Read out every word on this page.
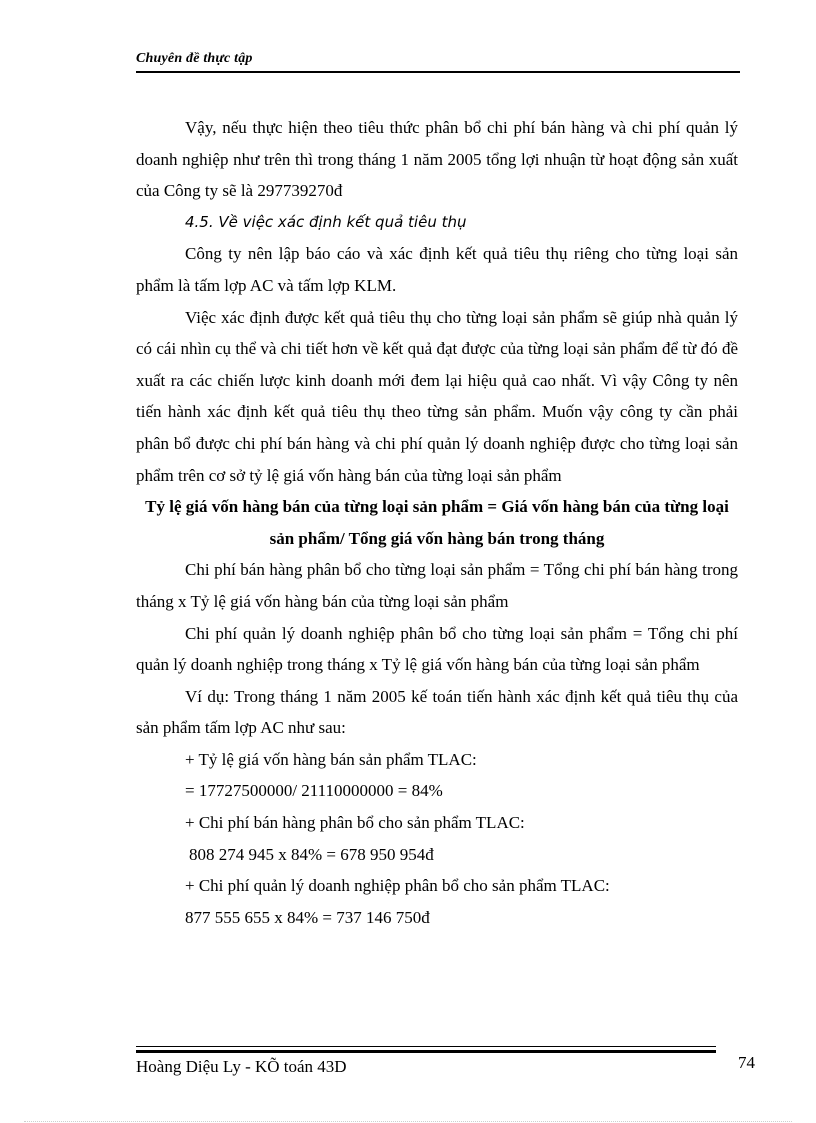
Chuyên đề thực tập

Vậy, nếu thực hiện theo tiêu thức phân bổ chi phí bán hàng và chi phí quản lý doanh nghiệp như trên thì trong tháng 1 năm 2005 tổng lợi nhuận từ hoạt động sản xuất của Công ty sẽ là 297739270đ

4.5. Về việc xác định kết quả tiêu thụ

Công ty nên lập báo cáo và xác định kết quả tiêu thụ riêng cho từng loại sản phẩm là tấm lợp AC và tấm lợp KLM.

Việc xác định được kết quả tiêu thụ cho từng loại sản phẩm sẽ giúp nhà quản lý có cái nhìn cụ thể và chi tiết hơn về kết quả đạt được của từng loại sản phẩm để từ đó đề xuất ra các chiến lược kinh doanh mới đem lại hiệu quả cao nhất. Vì vậy Công ty nên tiến hành xác định kết quả tiêu thụ theo từng sản phẩm. Muốn vậy công ty cần phải phân bổ được chi phí bán hàng và chi phí quản lý doanh nghiệp được cho từng loại sản phẩm trên cơ sở tỷ lệ giá vốn hàng bán của từng loại sản phẩm

Tỷ lệ giá vốn hàng bán của từng loại sản phẩm = Giá vốn hàng bán của từng loại sản phẩm/ Tổng giá vốn hàng bán trong tháng

Chi phí bán hàng phân bổ cho từng loại sản phẩm = Tổng chi phí bán hàng trong tháng x Tỷ lệ giá vốn hàng bán của từng loại sản phẩm

Chi phí quản lý doanh nghiệp phân bổ cho từng loại sản phẩm = Tổng chi phí quản lý doanh nghiệp trong tháng x Tỷ lệ giá vốn hàng bán của từng loại sản phẩm

Ví dụ: Trong tháng 1 năm 2005 kế toán tiến hành xác định kết quả tiêu thụ của sản phẩm tấm lợp AC như sau:

+ Tỷ lệ giá vốn hàng bán sản phẩm TLAC:

= 17727500000/ 21110000000 = 84%

+ Chi phí bán hàng phân bổ cho sản phẩm TLAC:

808 274 945 x 84% = 678 950 954đ

+ Chi phí quản lý doanh nghiệp phân bổ cho sản phẩm TLAC:

877 555 655 x 84% = 737 146 750đ

Hoàng Diệu Ly - KÕ toán 43D	74
